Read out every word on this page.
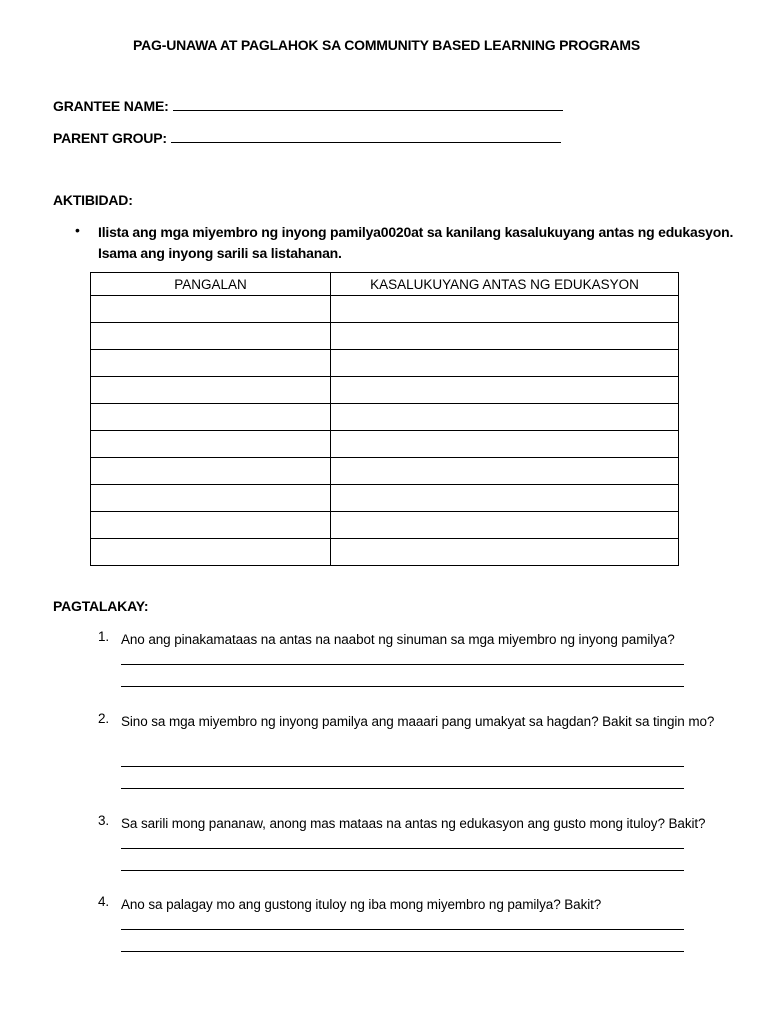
PAG-UNAWA AT PAGLAHOK SA COMMUNITY BASED LEARNING PROGRAMS
GRANTEE NAME:
PARENT GROUP:
AKTIBIDAD:
• Ilista ang mga miyembro ng inyong pamilya0020at sa kanilang kasalukuyang antas ng edukasyon. Isama ang inyong sarili sa listahanan.
PANGALAN	KASALUKUYANG ANTAS NG EDUKASYON

PAGTALAKAY:
1. Ano ang pinakamataas na antas na naabot ng sinuman sa mga miyembro ng inyong pamilya?
2. Sino sa mga miyembro ng inyong pamilya ang maaari pang umakyat sa hagdan? Bakit sa tingin mo?
3. Sa sarili mong pananaw, anong mas mataas na antas ng edukasyon ang gusto mong ituloy? Bakit?
4. Ano sa palagay mo ang gustong ituloy ng iba mong miyembro ng pamilya? Bakit?
